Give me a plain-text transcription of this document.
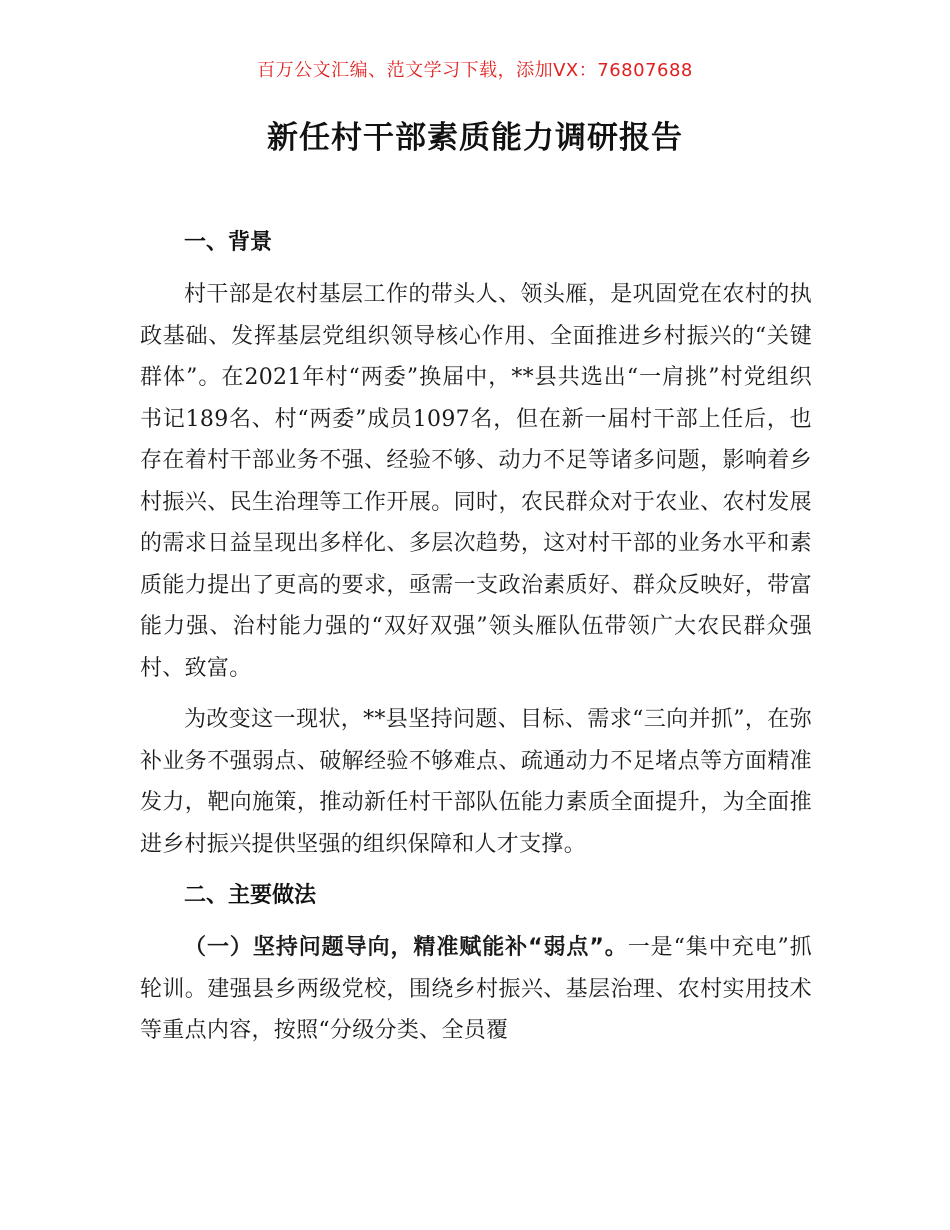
百万公文汇编、范文学习下载，添加VX：76807688
新任村干部素质能力调研报告
一、背景

村干部是农村基层工作的带头人、领头雁，是巩固党在农村的执政基础、发挥基层党组织领导核心作用、全面推进乡村振兴的“关键群体”。在2021年村“两委”换届中，**县共选出“一肩挑”村党组织书记189名、村“两委”成员1097名，但在新一届村干部上任后，也存在着村干部业务不强、经验不够、动力不足等诸多问题，影响着乡村振兴、民生治理等工作开展。同时，农民群众对于农业、农村发展的需求日益呈现出多样化、多层次趋势，这对村干部的业务水平和素质能力提出了更高的要求，亟需一支政治素质好、群众反映好，带富能力强、治村能力强的“双好双强”领头雁队伍带领广大农民群众强村、致富。

为改变这一现状，**县坚持问题、目标、需求“三向并抓”，在弥补业务不强弱点、破解经验不够难点、疏通动力不足堵点等方面精准发力，靶向施策，推动新任村干部队伍能力素质全面提升，为全面推进乡村振兴提供坚强的组织保障和人才支撑。

二、主要做法

（一）坚持问题导向，精准赋能补“弱点”。一是“集中充电”抓轮训。建强县乡两级党校，围绕乡村振兴、基层治理、农村实用技术等重点内容，按照“分级分类、全员覆
